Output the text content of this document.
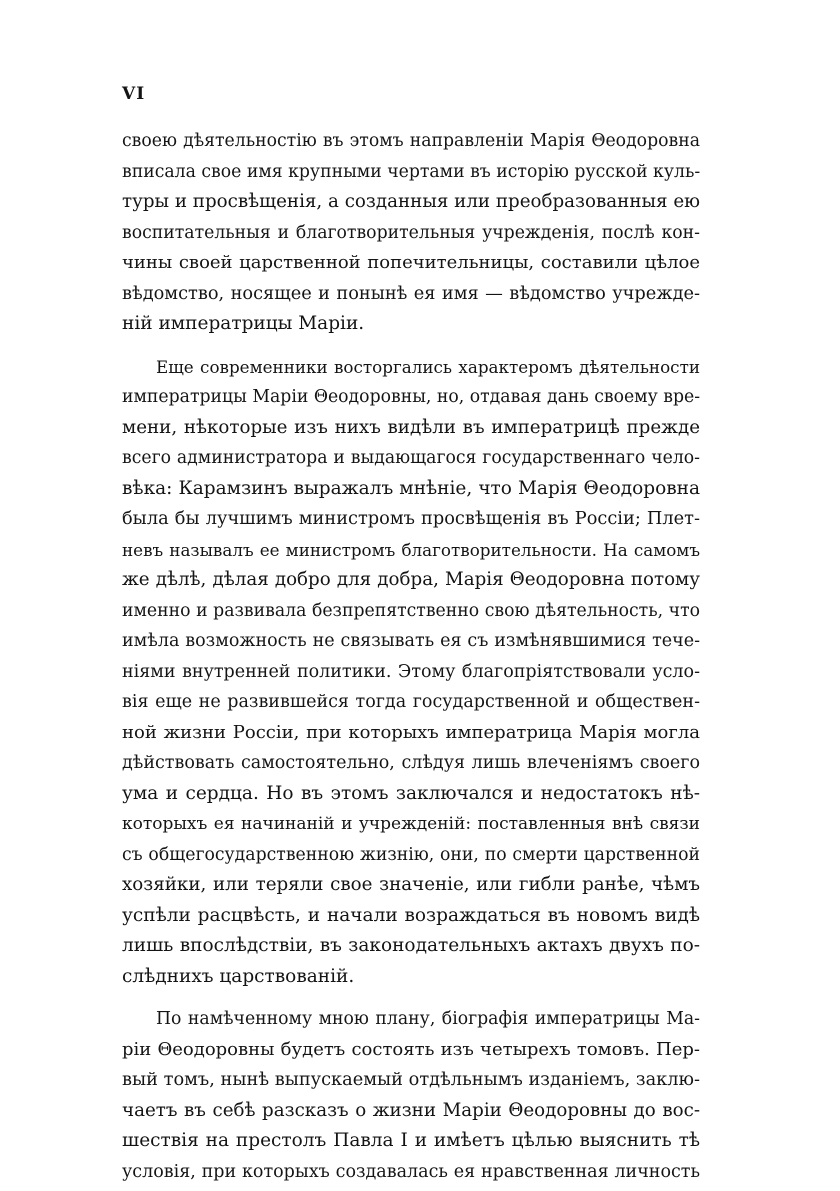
VI
своею дѣятельностію въ этомъ направленіи Марія Θеодоровна
вписала свое имя крупными чертами въ исторію русской куль-
туры и просвѣщенія, а созданныя или преобразованныя ею
воспитательныя и благотворительныя учрежденія, послѣ кон-
чины своей царственной попечительницы, составили цѣлое
вѣдомство, носящее и понынѣ ея имя — вѣдомство учрежде-
ній императрицы Маріи.
Еще современники восторгались характеромъ дѣятельности
императрицы Маріи Θеодоровны, но, отдавая дань своему вре-
мени, нѣкоторые изъ нихъ видѣли въ императрицѣ прежде
всего администратора и выдающагося государственнаго чело-
вѣка: Карамзинъ выражалъ мнѣніе, что Марія Θеодоровна
была бы лучшимъ министромъ просвѣщенія въ Россіи; Плет-
невъ называлъ ее министромъ благотворительности. На самомъ
же дѣлѣ, дѣлая добро для добра, Марія Θеодоровна потому
именно и развивала безпрепятственно свою дѣятельность, что
имѣла возможность не связывать ея съ измѣнявшимися тече-
ніями внутренней политики. Этому благопріятствовали усло-
вія еще не развившейся тогда государственной и обществен-
ной жизни Россіи, при которыхъ императрица Марія могла
дѣйствовать самостоятельно, слѣдуя лишь влеченіямъ своего
ума и сердца. Но въ этомъ заключался и недостатокъ нѣ-
которыхъ ея начинаній и учрежденій: поставленныя внѣ связи
съ общегосударственною жизнію, они, по смерти царственной
хозяйки, или теряли свое значеніе, или гибли ранѣе, чѣмъ
успѣли расцвѣсть, и начали возраждаться въ новомъ видѣ
лишь впослѣдствіи, въ законодательныхъ актахъ двухъ по-
слѣднихъ царствованій.
По намѣченному мною плану, біографія императрицы Ма-
ріи Θеодоровны будетъ состоять изъ четырехъ томовъ. Пер-
вый томъ, нынѣ выпускаемый отдѣльнымъ изданіемъ, заклю-
чаетъ въ себѣ разсказъ о жизни Маріи Θеодоровны до вос-
шествія на престолъ Павла I и имѣетъ цѣлью выяснить тѣ
условія, при которыхъ создавалась ея нравственная личность
